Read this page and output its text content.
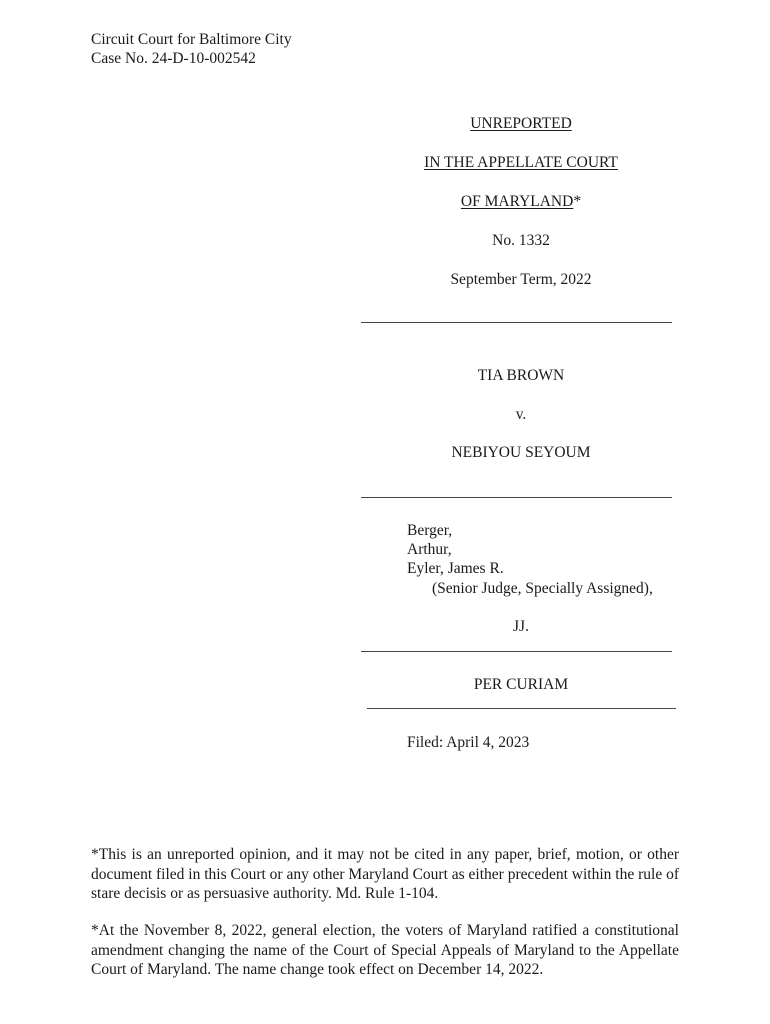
Circuit Court for Baltimore City
Case No. 24-D-10-002542
UNREPORTED
IN THE APPELLATE COURT
OF MARYLAND*
No. 1332
September Term, 2022
TIA BROWN
v.
NEBIYOU SEYOUM
Berger,
Arthur,
Eyler, James R.
(Senior Judge, Specially Assigned),
JJ.
PER CURIAM
Filed: April 4, 2023
*This is an unreported opinion, and it may not be cited in any paper, brief, motion, or other document filed in this Court or any other Maryland Court as either precedent within the rule of stare decisis or as persuasive authority. Md. Rule 1-104.
*At the November 8, 2022, general election, the voters of Maryland ratified a constitutional amendment changing the name of the Court of Special Appeals of Maryland to the Appellate Court of Maryland. The name change took effect on December 14, 2022.
